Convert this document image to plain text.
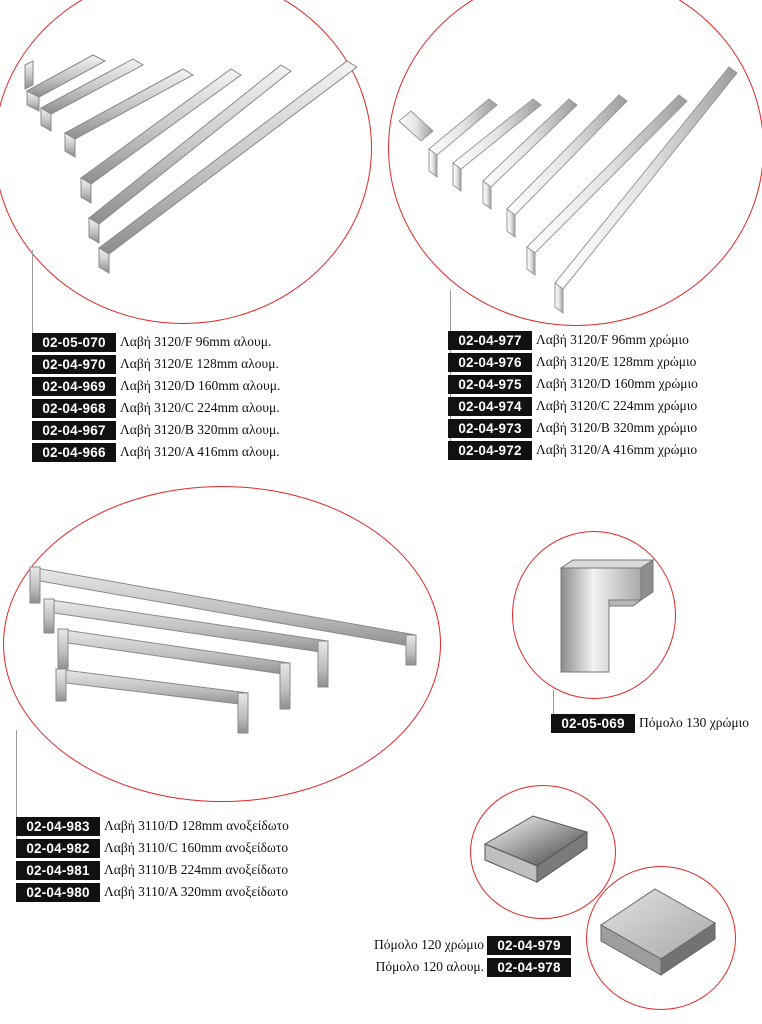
02-05-070	Λαβή 3120/F 96mm αλουμ.
02-04-970	Λαβή 3120/E 128mm αλουμ.
02-04-969	Λαβή 3120/D 160mm αλουμ.
02-04-968	Λαβή 3120/C 224mm αλουμ.
02-04-967	Λαβή 3120/B 320mm αλουμ.
02-04-966	Λαβή 3120/A 416mm αλουμ.
02-04-977	Λαβή 3120/F 96mm χρώμιο
02-04-976	Λαβή 3120/E 128mm χρώμιο
02-04-975	Λαβή 3120/D 160mm χρώμιο
02-04-974	Λαβή 3120/C 224mm χρώμιο
02-04-973	Λαβή 3120/B 320mm χρώμιο
02-04-972	Λαβή 3120/A 416mm χρώμιο
02-04-983	Λαβή 3110/D 128mm ανοξείδωτο
02-04-982	Λαβή 3110/C 160mm ανοξείδωτο
02-04-981	Λαβή 3110/B 224mm ανοξείδωτο
02-04-980	Λαβή 3110/A 320mm ανοξείδωτο
02-05-069	Πόμολο 130 χρώμιο
Πόμολο 120 χρώμιο 02-04-979
Πόμολο 120 αλουμ. 02-04-978
